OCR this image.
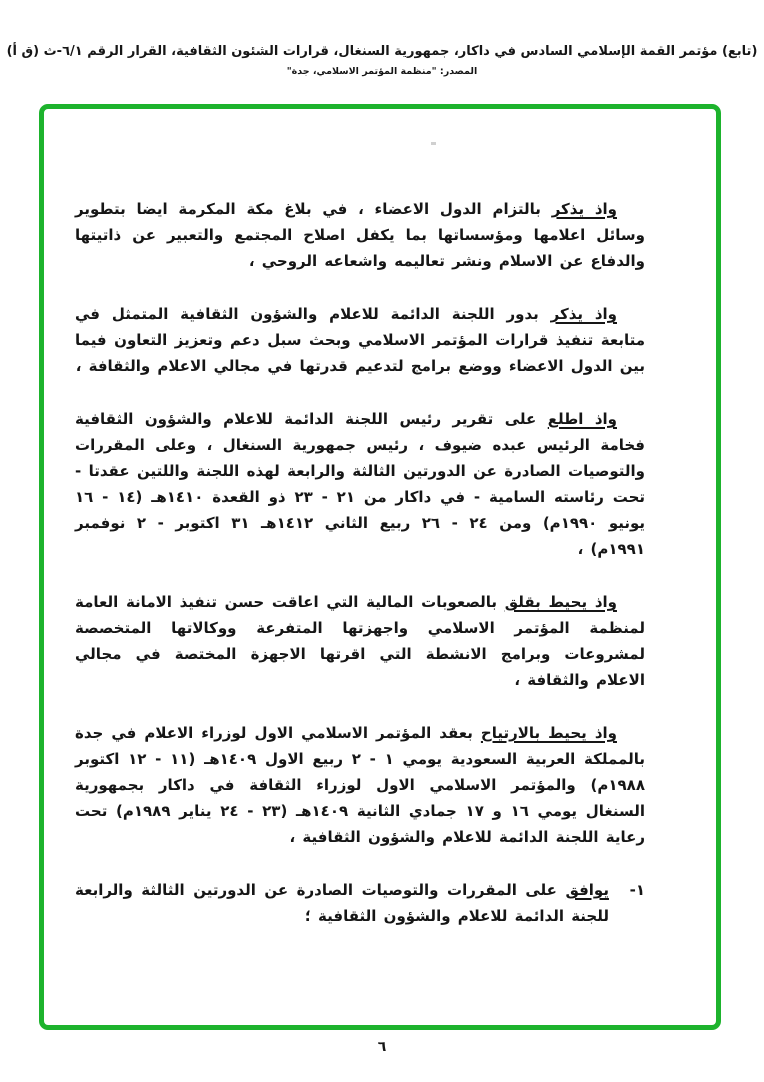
(تابع) مؤتمر القمة الإسلامي السادس في داكار، جمهورية السنغال، قرارات الشئون الثقافية، القرار الرقم ٦/١-ث (ق أ)
المصدر: "منظمة المؤتمر الاسلامي، جدة"

واذ يذكر بالتزام الدول الاعضاء ، في بلاغ مكة المكرمة ايضا بتطوير وسائل اعلامها ومؤسساتها بما يكفل اصلاح المجتمع والتعبير عن ذاتيتها والدفاع عن الاسلام ونشر تعاليمه واشعاعه الروحي ،

واذ يذكر بدور اللجنة الدائمة للاعلام والشؤون الثقافية المتمثل في متابعة تنفيذ قرارات المؤتمر الاسلامي وبحث سبل دعم وتعزيز التعاون فيما بين الدول الاعضاء ووضع برامج لتدعيم قدرتها في مجالي الاعلام والثقافة ،

واذ اطلع على تقرير رئيس اللجنة الدائمة للاعلام والشؤون الثقافية فخامة الرئيس عبده ضيوف ، رئيس جمهورية السنغال ، وعلى المقررات والتوصيات الصادرة عن الدورتين الثالثة والرابعة لهذه اللجنة واللتين عقدتا - تحت رئاسته السامية - في داكار من ٢١ - ٢٣ ذو القعدة ١٤١٠هـ (١٤ - ١٦ يونيو ١٩٩٠م) ومن ٢٤ - ٢٦ ربيع الثاني ١٤١٢هـ ٣١ اكتوبر - ٢ نوفمبر ١٩٩١م) ،

واذ يحيط بقلق بالصعوبات المالية التي اعاقت حسن تنفيذ الامانة العامة لمنظمة المؤتمر الاسلامي واجهزتها المتفرعة ووكالاتها المتخصصة لمشروعات وبرامج الانشطة التي اقرتها الاجهزة المختصة في مجالي الاعلام والثقافة ،

واذ يحيط بالارتياح بعقد المؤتمر الاسلامي الاول لوزراء الاعلام في جدة بالمملكة العربية السعودية يومي ١ - ٢ ربيع الاول ١٤٠٩هـ (١١ - ١٢ اكتوبر ١٩٨٨م) والمؤتمر الاسلامي الاول لوزراء الثقافة في داكار بجمهورية السنغال يومي ١٦ و ١٧ جمادي الثانية ١٤٠٩هـ (٢٣ - ٢٤ يناير ١٩٨٩م) تحت رعاية اللجنة الدائمة للاعلام والشؤون الثقافية ،

١-
يوافق على المقررات والتوصيات الصادرة عن الدورتين الثالثة والرابعة للجنة الدائمة للاعلام والشؤون الثقافية ؛
٦
